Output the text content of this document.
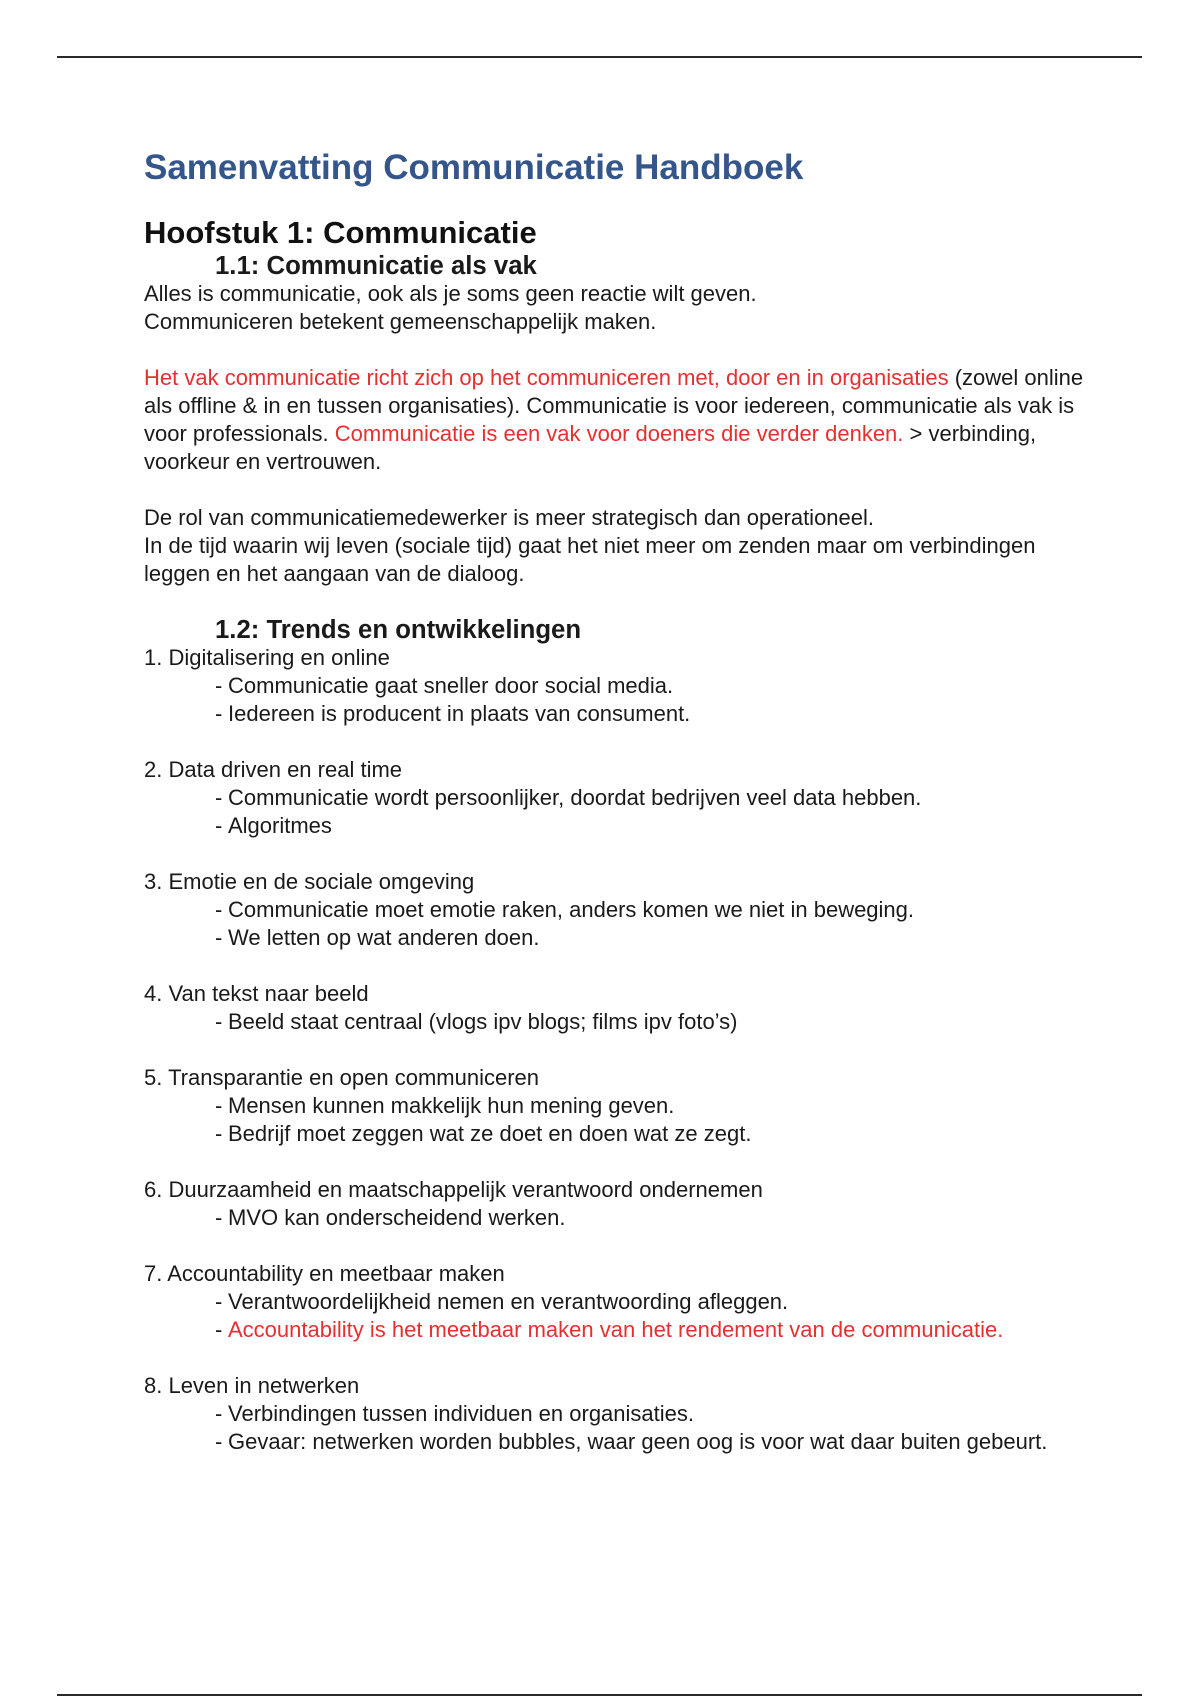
Samenvatting Communicatie Handboek
Hoofstuk 1: Communicatie
1.1: Communicatie als vak

Alles is communicatie, ook als je soms geen reactie wilt geven.

Communiceren betekent gemeenschappelijk maken.

Het vak communicatie richt zich op het communiceren met, door en in organisaties (zowel online als offline & in en tussen organisaties). Communicatie is voor iedereen, communicatie als vak is voor professionals. Communicatie is een vak voor doeners die verder denken. > verbinding, voorkeur en vertrouwen.

De rol van communicatiemedewerker is meer strategisch dan operationeel.

In de tijd waarin wij leven (sociale tijd) gaat het niet meer om zenden maar om verbindingen leggen en het aangaan van de dialoog.

1.2: Trends en ontwikkelingen

1. Digitalisering en online

- Communicatie gaat sneller door social media.

- Iedereen is producent in plaats van consument.

2. Data driven en real time

- Communicatie wordt persoonlijker, doordat bedrijven veel data hebben.

- Algoritmes

3. Emotie en de sociale omgeving

- Communicatie moet emotie raken, anders komen we niet in beweging.

- We letten op wat anderen doen.

4. Van tekst naar beeld

- Beeld staat centraal (vlogs ipv blogs; films ipv foto’s)

5. Transparantie en open communiceren

- Mensen kunnen makkelijk hun mening geven.

- Bedrijf moet zeggen wat ze doet en doen wat ze zegt.

6. Duurzaamheid en maatschappelijk verantwoord ondernemen

- MVO kan onderscheidend werken.

7. Accountability en meetbaar maken

- Verantwoordelijkheid nemen en verantwoording afleggen.

- Accountability is het meetbaar maken van het rendement van de communicatie.

8. Leven in netwerken

- Verbindingen tussen individuen en organisaties.

- Gevaar: netwerken worden bubbles, waar geen oog is voor wat daar buiten gebeurt.
